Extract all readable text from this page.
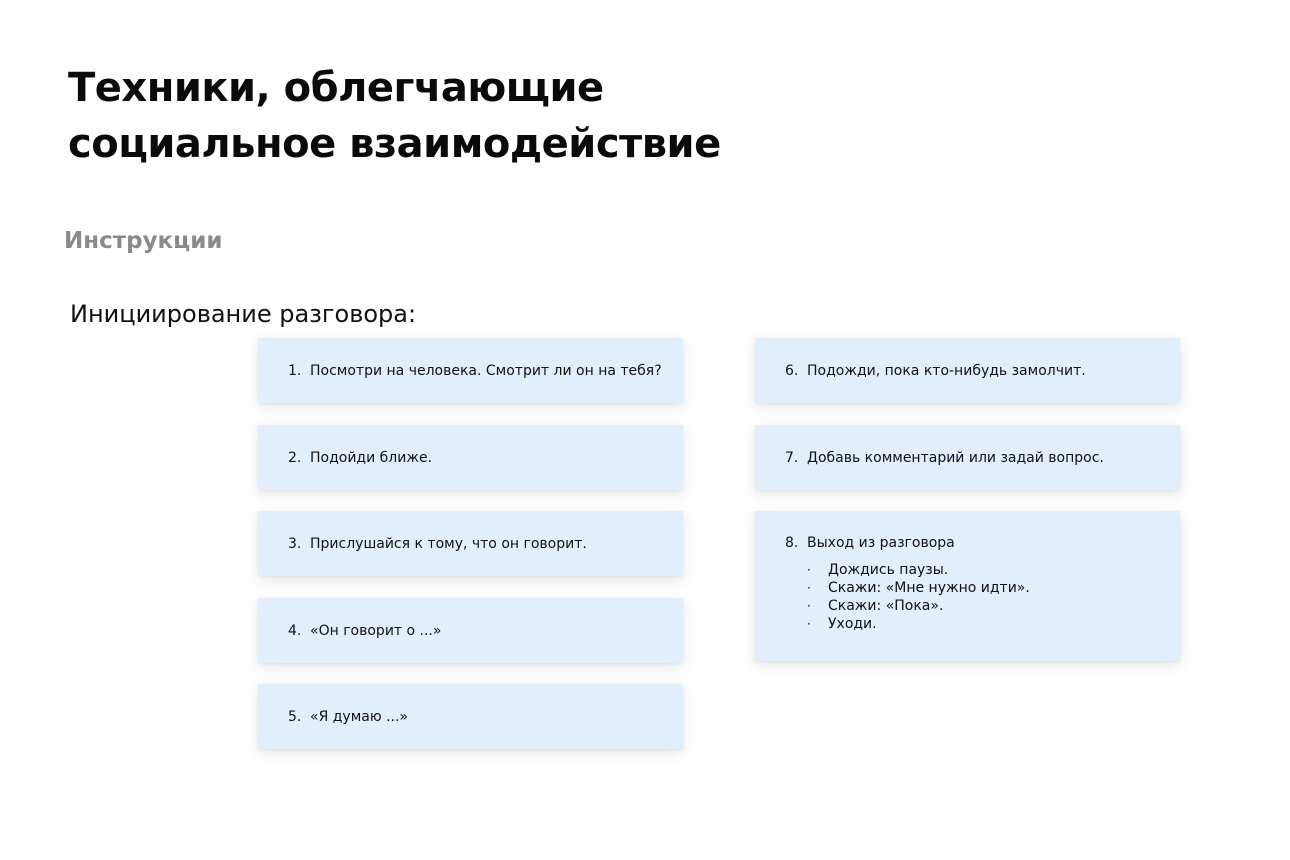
Техники, облегчающие
социальное взаимодействие
Инструкции
Инициирование разговора:
1. Посмотри на человека. Смотрит ли он на тебя?
2. Подойди ближе.
3. Прислушайся к тому, что он говорит.
4. «Он говорит о ...»
5. «Я думаю ...»
6. Подожди, пока кто-нибудь замолчит.
7. Добавь комментарий или задай вопрос.
8. Выход из разговора
·	Дождись паузы.
·	Скажи: «Мне нужно идти».
·	Скажи: «Пока».
·	Уходи.
